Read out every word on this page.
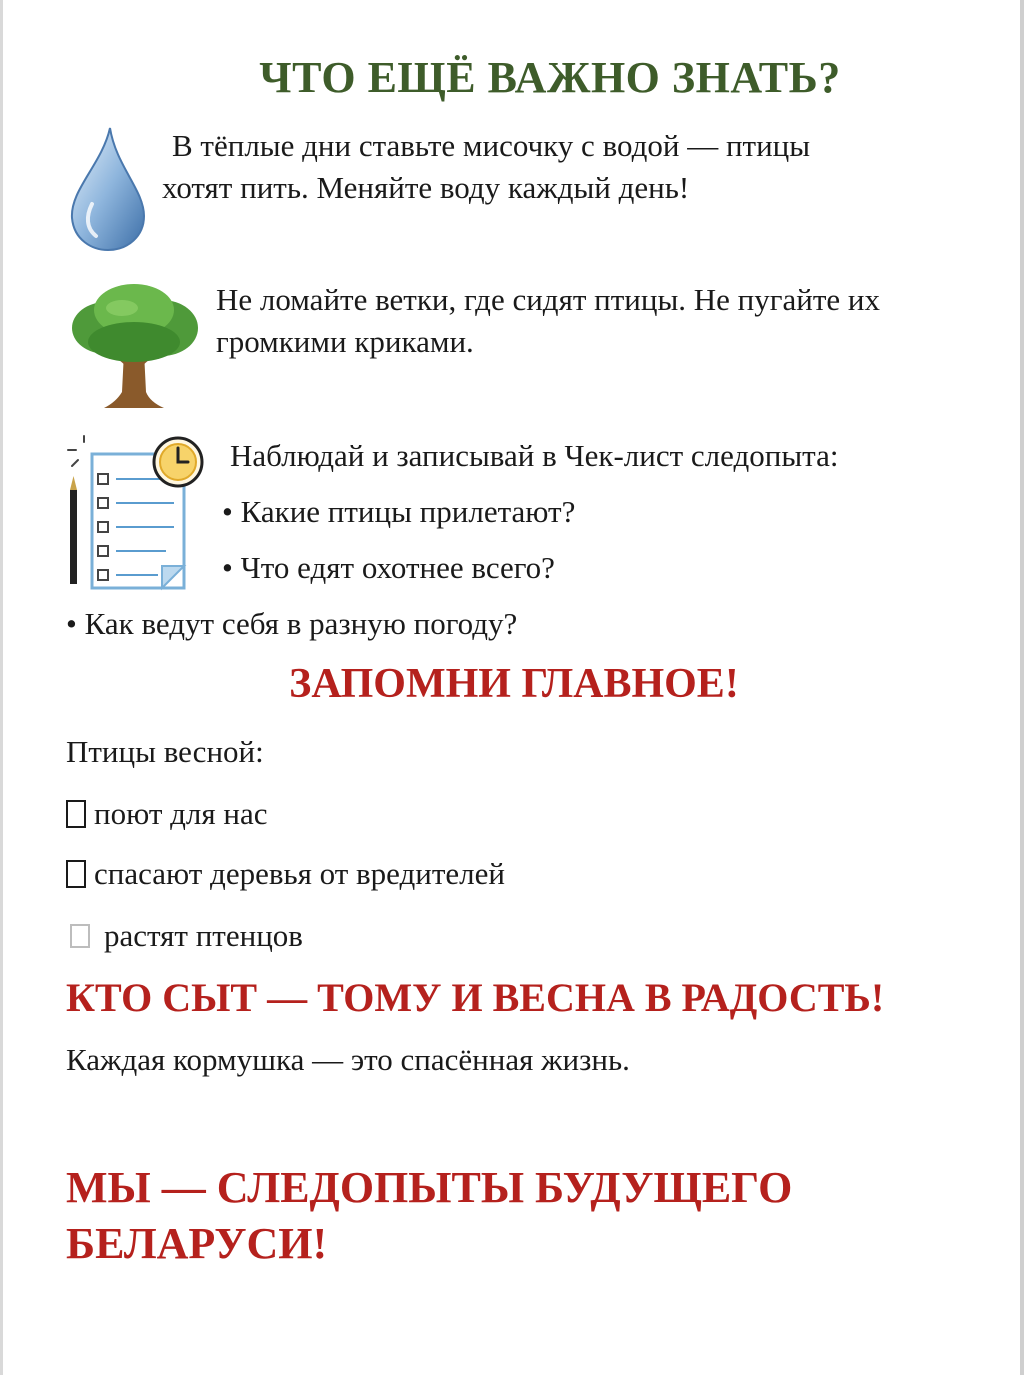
ЧТО ЕЩЁ ВАЖНО ЗНАТЬ?
В тёплые дни ставьте мисочку с водой — птицы
хотят пить. Меняйте воду каждый день!
Не ломайте ветки, где сидят птицы. Не пугайте их
громкими криками.
Наблюдай и записывай в Чек-лист следопыта:
• Какие птицы прилетают?
• Что едят охотнее всего?
• Как ведут себя в разную погоду?
ЗАПОМНИ ГЛАВНОЕ!
Птицы весной:
поют для нас
спасают деревья от вредителей
растят птенцов
КТО СЫТ — ТОМУ И ВЕСНА В РАДОСТЬ!
Каждая кормушка — это спасённая жизнь.
МЫ — СЛЕДОПЫТЫ БУДУЩЕГО
БЕЛАРУСИ!
